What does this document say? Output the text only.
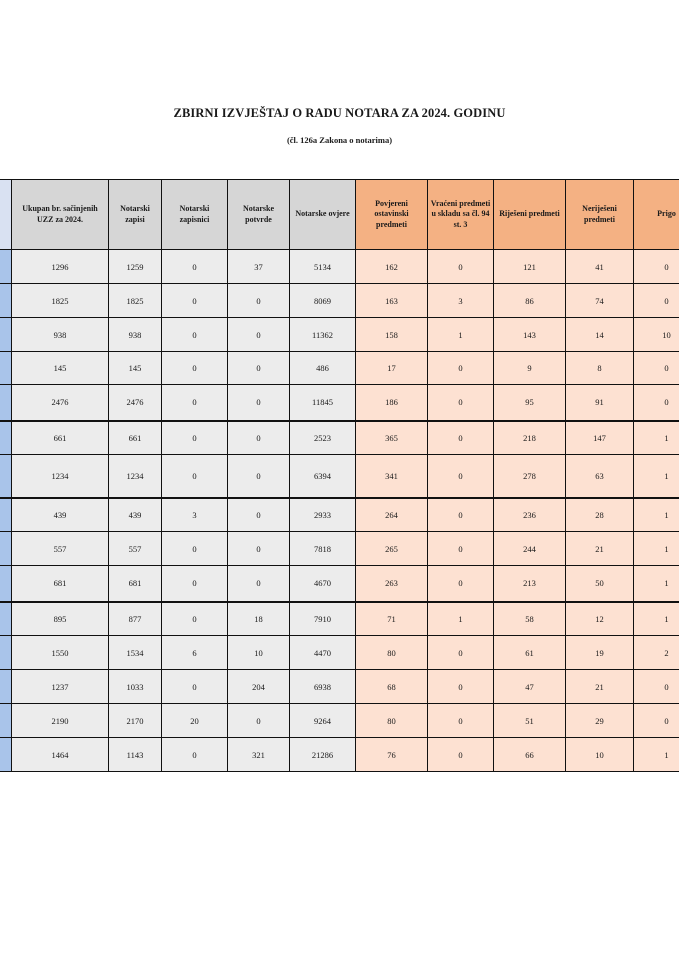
ZBIRNI IZVJEŠTAJ O RADU NOTARA ZA 2024. GODINU
(čl. 126a Zakona o notarima)

	Ukupan br. sačinjenih UZZ za 2024.	Notarski zapisi	Notarski zapisnici	Notarske potvrde	Notarske ovjere	Povjereni ostavinski predmeti	Vraćeni predmeti u skladu sa čl. 94 st. 3	Riješeni predmeti	Neriješeni predmeti	Prigo

	1296	1259	0	37	5134	162	0	121	41	0
	1825	1825	0	0	8069	163	3	86	74	0
	938	938	0	0	11362	158	1	143	14	10
	145	145	0	0	486	17	0	9	8	0
	2476	2476	0	0	11845	186	0	95	91	0
	661	661	0	0	2523	365	0	218	147	1
	1234	1234	0	0	6394	341	0	278	63	1
	439	439	3	0	2933	264	0	236	28	1
	557	557	0	0	7818	265	0	244	21	1
	681	681	0	0	4670	263	0	213	50	1
	895	877	0	18	7910	71	1	58	12	1
	1550	1534	6	10	4470	80	0	61	19	2
	1237	1033	0	204	6938	68	0	47	21	0
	2190	2170	20	0	9264	80	0	51	29	0
	1464	1143	0	321	21286	76	0	66	10	1
